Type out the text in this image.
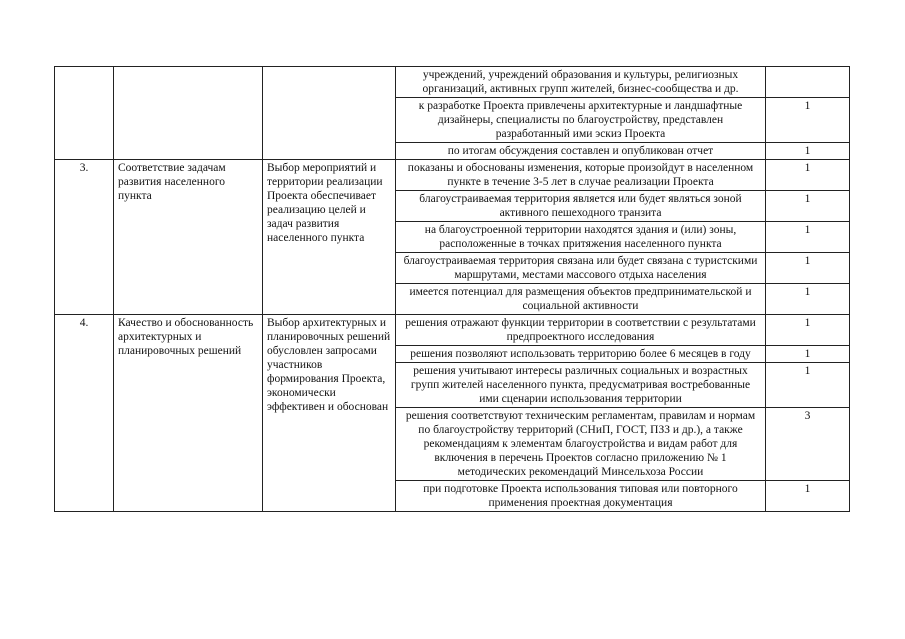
			учреждений, учреждений образования и культуры, религиозных организаций, активных групп жителей, бизнес-сообщества и др.	
			к разработке Проекта привлечены архитектурные и ландшафтные дизайнеры, специалисты по благоустройству, представлен разработанный ими эскиз Проекта	1
			по итогам обсуждения составлен и опубликован отчет	1
3.	Соответствие задачам развития населенного пункта	Выбор мероприятий и территории реализации Проекта обеспечивает реализацию целей и задач развития населенного пункта	показаны и обоснованы изменения, которые произойдут в населенном пункте в течение 3-5 лет в случае реализации Проекта	1
			благоустраиваемая территория является или будет являться зоной активного пешеходного транзита	1
			на благоустроенной территории находятся здания и (или) зоны, расположенные в точках притяжения населенного пункта	1
			благоустраиваемая территория связана или будет связана с туристскими маршрутами, местами массового отдыха населения	1
			имеется потенциал для размещения объектов предпринимательской и социальной активности	1
4.	Качество и обоснованность архитектурных и планировочных решений	Выбор архитектурных и планировочных решений обусловлен запросами участников формирования Проекта, экономически эффективен и обоснован	решения отражают функции территории в соответствии с результатами предпроектного исследования	1
			решения позволяют использовать территорию более 6 месяцев в году	1
			решения учитывают интересы различных социальных и возрастных групп жителей населенного пункта, предусматривая востребованные ими сценарии использования территории	1
			решения соответствуют техническим регламентам, правилам и нормам по благоустройству территорий (СНиП, ГОСТ, ПЗЗ и др.), а также рекомендациям к элементам благоустройства и видам работ для включения в перечень Проектов согласно приложению № 1 методических рекомендаций Минсельхоза России	3
			при подготовке Проекта использования типовая или повторного применения проектная документация	1
